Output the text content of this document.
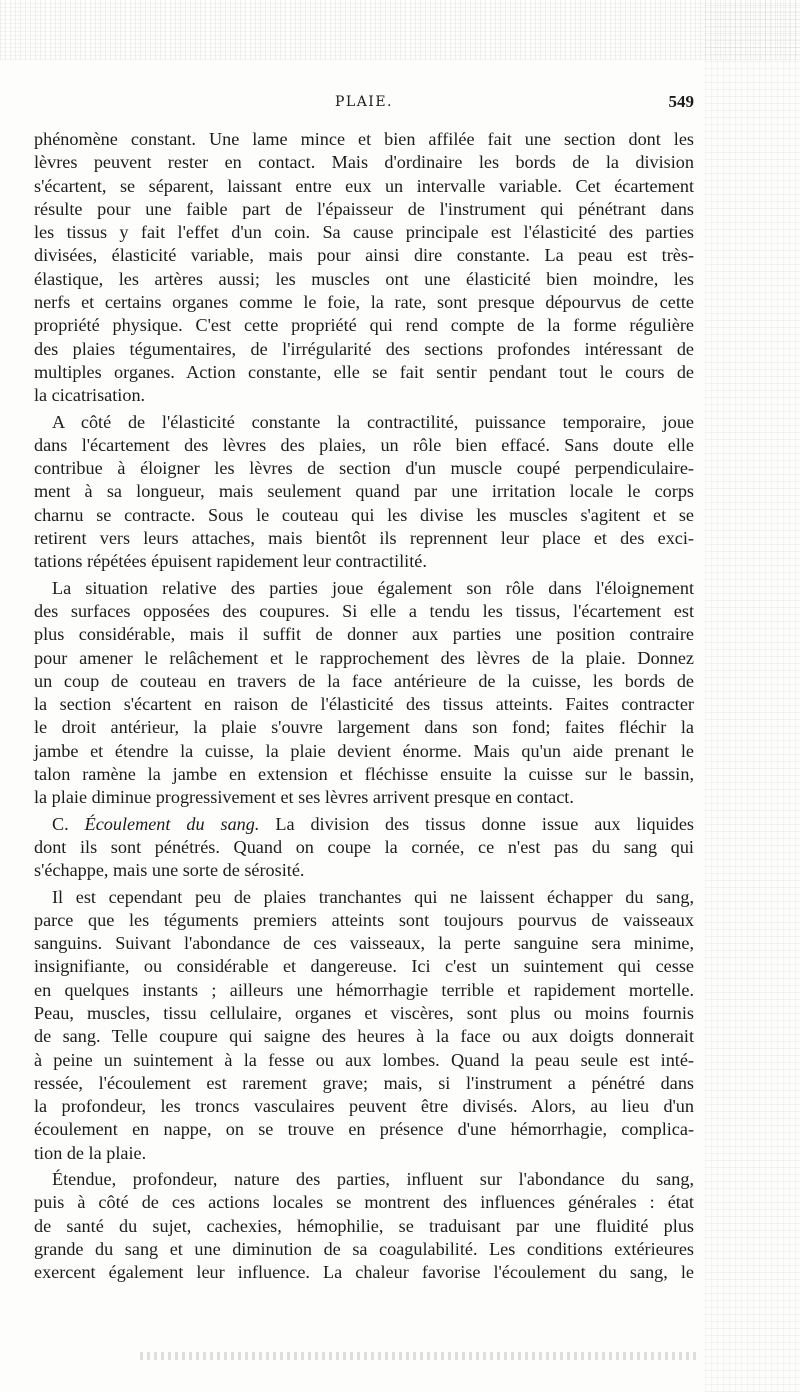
PLAIE.	549
phénomène constant. Une lame mince et bien affilée fait une section dont les
lèvres peuvent rester en contact. Mais d'ordinaire les bords de la division
s'écartent, se séparent, laissant entre eux un intervalle variable. Cet écartement
résulte pour une faible part de l'épaisseur de l'instrument qui pénétrant dans
les tissus y fait l'effet d'un coin. Sa cause principale est l'élasticité des parties
divisées, élasticité variable, mais pour ainsi dire constante. La peau est très-
élastique, les artères aussi; les muscles ont une élasticité bien moindre, les
nerfs et certains organes comme le foie, la rate, sont presque dépourvus de cette
propriété physique. C'est cette propriété qui rend compte de la forme régulière
des plaies tégumentaires, de l'irrégularité des sections profondes intéressant de
multiples organes. Action constante, elle se fait sentir pendant tout le cours de
la cicatrisation.
A côté de l'élasticité constante la contractilité, puissance temporaire, joue
dans l'écartement des lèvres des plaies, un rôle bien effacé. Sans doute elle
contribue à éloigner les lèvres de section d'un muscle coupé perpendiculaire-
ment à sa longueur, mais seulement quand par une irritation locale le corps
charnu se contracte. Sous le couteau qui les divise les muscles s'agitent et se
retirent vers leurs attaches, mais bientôt ils reprennent leur place et des exci-
tations répétées épuisent rapidement leur contractilité.
La situation relative des parties joue également son rôle dans l'éloignement
des surfaces opposées des coupures. Si elle a tendu les tissus, l'écartement est
plus considérable, mais il suffit de donner aux parties une position contraire
pour amener le relâchement et le rapprochement des lèvres de la plaie. Donnez
un coup de couteau en travers de la face antérieure de la cuisse, les bords de
la section s'écartent en raison de l'élasticité des tissus atteints. Faites contracter
le droit antérieur, la plaie s'ouvre largement dans son fond; faites fléchir la
jambe et étendre la cuisse, la plaie devient énorme. Mais qu'un aide prenant le
talon ramène la jambe en extension et fléchisse ensuite la cuisse sur le bassin,
la plaie diminue progressivement et ses lèvres arrivent presque en contact.
C. Écoulement du sang. La division des tissus donne issue aux liquides
dont ils sont pénétrés. Quand on coupe la cornée, ce n'est pas du sang qui
s'échappe, mais une sorte de sérosité.
Il est cependant peu de plaies tranchantes qui ne laissent échapper du sang,
parce que les téguments premiers atteints sont toujours pourvus de vaisseaux
sanguins. Suivant l'abondance de ces vaisseaux, la perte sanguine sera minime,
insignifiante, ou considérable et dangereuse. Ici c'est un suintement qui cesse
en quelques instants ; ailleurs une hémorrhagie terrible et rapidement mortelle.
Peau, muscles, tissu cellulaire, organes et viscères, sont plus ou moins fournis
de sang. Telle coupure qui saigne des heures à la face ou aux doigts donnerait
à peine un suintement à la fesse ou aux lombes. Quand la peau seule est inté-
ressée, l'écoulement est rarement grave; mais, si l'instrument a pénétré dans
la profondeur, les troncs vasculaires peuvent être divisés. Alors, au lieu d'un
écoulement en nappe, on se trouve en présence d'une hémorrhagie, complica-
tion de la plaie.
Étendue, profondeur, nature des parties, influent sur l'abondance du sang,
puis à côté de ces actions locales se montrent des influences générales : état
de santé du sujet, cachexies, hémophilie, se traduisant par une fluidité plus
grande du sang et une diminution de sa coagulabilité. Les conditions extérieures
exercent également leur influence. La chaleur favorise l'écoulement du sang, le
